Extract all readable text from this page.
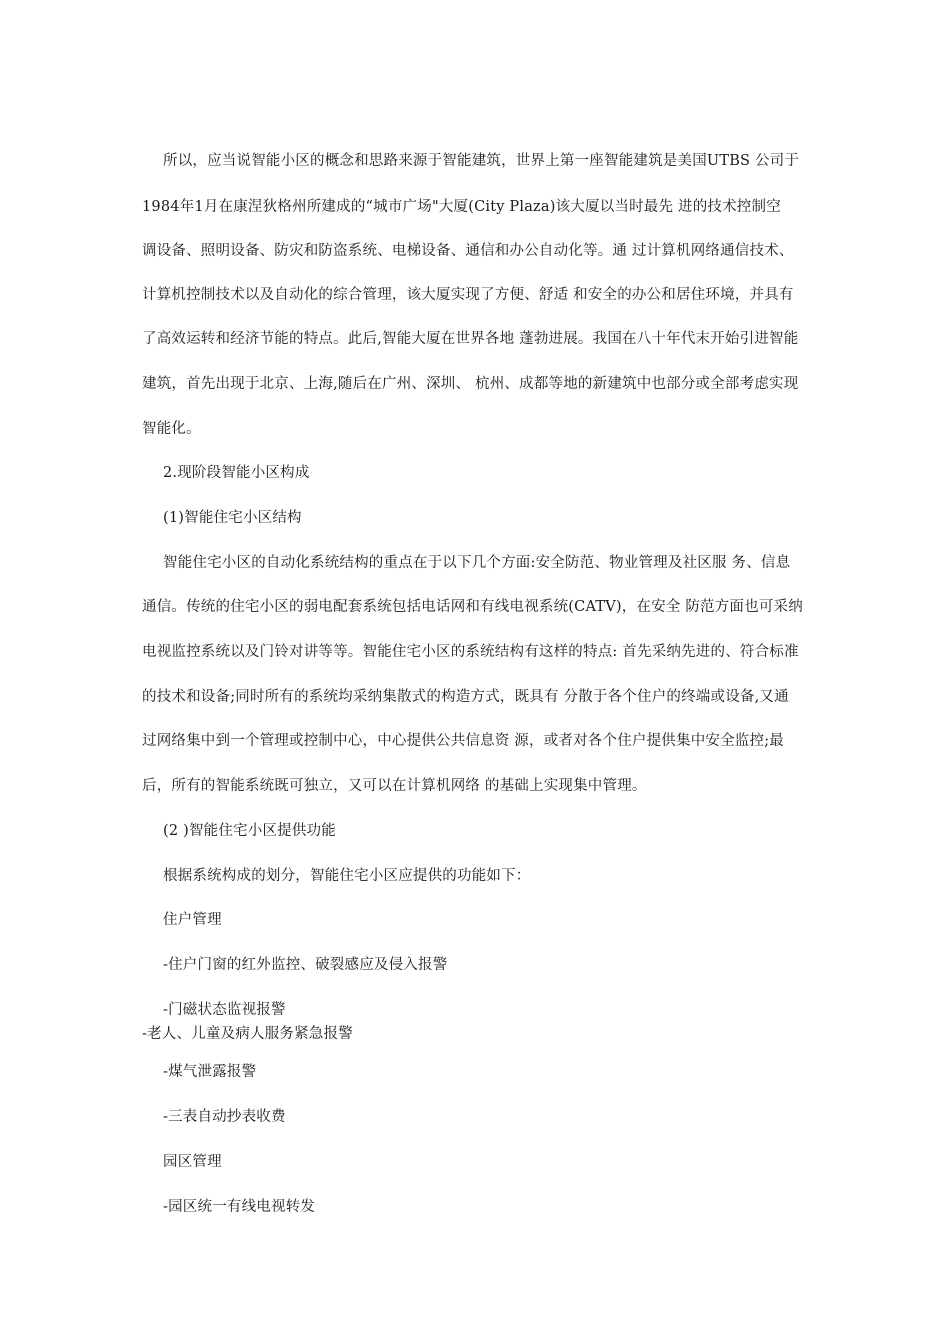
所以，应当说智能小区的概念和思路来源于智能建筑，世界上第一座智能建筑是美国UTBS 公司于
1984年1月在康涅狄格州所建成的“城市广场"大厦(City Plaza)该大厦以当时最先 进的技术控制空
调设备、照明设备、防灾和防盗系统、电梯设备、通信和办公自动化等。通 过计算机网络通信技术、
计算机控制技术以及自动化的综合管理，该大厦实现了方便、舒适 和安全的办公和居住环境，并具有
了高效运转和经济节能的特点。此后,智能大厦在世界各地 蓬勃进展。我国在八十年代末开始引进智能
建筑，首先出现于北京、上海,随后在广州、深圳、 杭州、成都等地的新建筑中也部分或全部考虑实现
智能化。
2.现阶段智能小区构成
(1)智能住宅小区结构
智能住宅小区的自动化系统结构的重点在于以下几个方面:安全防范、物业管理及社区服 务、信息
通信。传统的住宅小区的弱电配套系统包括电话网和有线电视系统(CATV)，在安全 防范方面也可采纳
电视监控系统以及门铃对讲等等。智能住宅小区的系统结构有这样的特点: 首先采纳先进的、符合标准
的技术和设备;同时所有的系统均采纳集散式的构造方式，既具有 分散于各个住户的终端或设备,又通
过网络集中到一个管理或控制中心，中心提供公共信息资 源，或者对各个住户提供集中安全监控;最
后，所有的智能系统既可独立，又可以在计算机网络 的基础上实现集中管理。
(2 )智能住宅小区提供功能
根据系统构成的划分，智能住宅小区应提供的功能如下：
住户管理
-住户门窗的红外监控、破裂感应及侵入报警
-门磁状态监视报警
-老人、儿童及病人服务紧急报警
-煤气泄露报警
-三表自动抄表收费
园区管理
-园区统一有线电视转发
